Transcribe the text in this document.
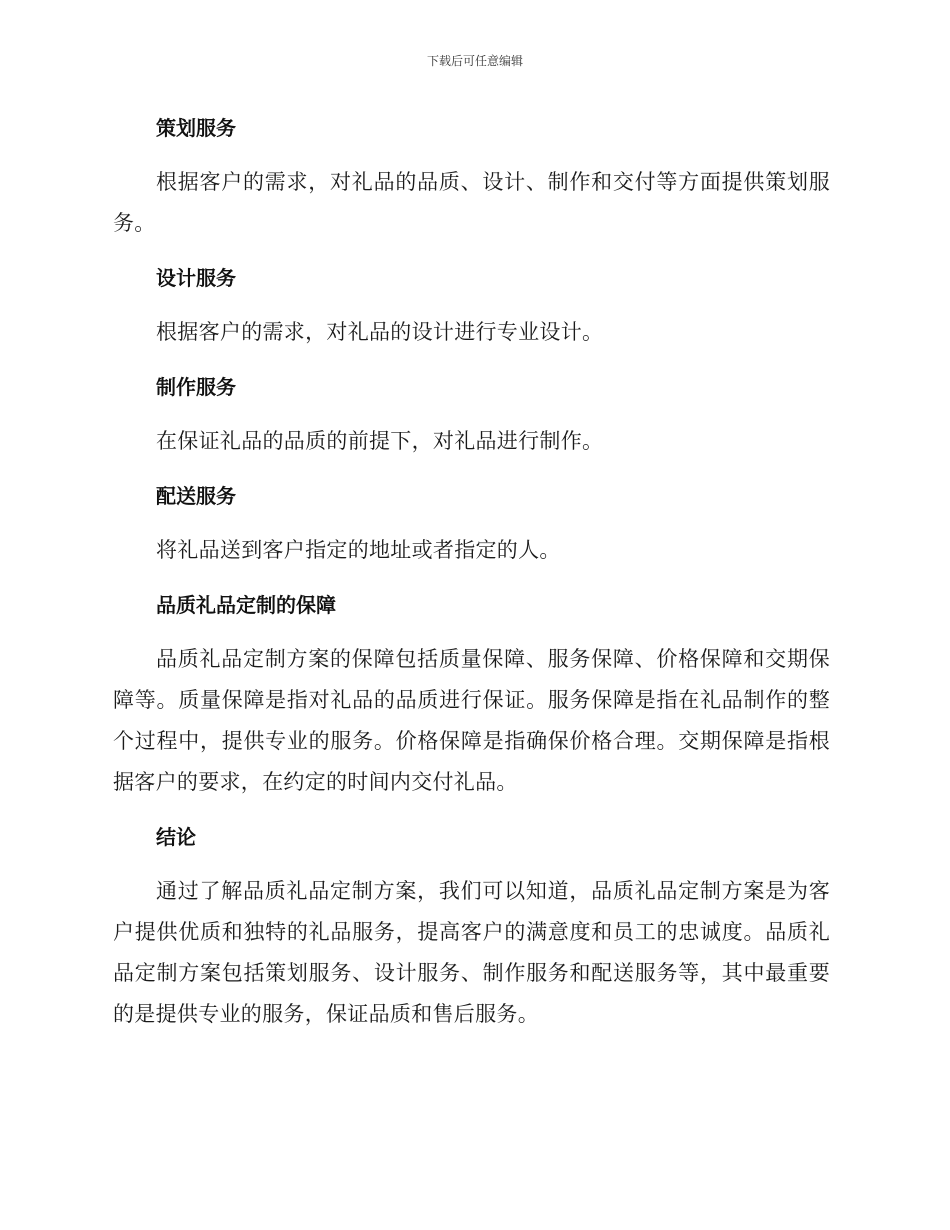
下载后可任意编辑
策划服务

根据客户的需求，对礼品的品质、设计、制作和交付等方面提供策划服务。

设计服务

根据客户的需求，对礼品的设计进行专业设计。

制作服务

在保证礼品的品质的前提下，对礼品进行制作。

配送服务

将礼品送到客户指定的地址或者指定的人。

品质礼品定制的保障

品质礼品定制方案的保障包括质量保障、服务保障、价格保障和交期保障等。质量保障是指对礼品的品质进行保证。服务保障是指在礼品制作的整个过程中，提供专业的服务。价格保障是指确保价格合理。交期保障是指根据客户的要求，在约定的时间内交付礼品。

结论

通过了解品质礼品定制方案，我们可以知道，品质礼品定制方案是为客户提供优质和独特的礼品服务，提高客户的满意度和员工的忠诚度。品质礼品定制方案包括策划服务、设计服务、制作服务和配送服务等，其中最重要的是提供专业的服务，保证品质和售后服务。
